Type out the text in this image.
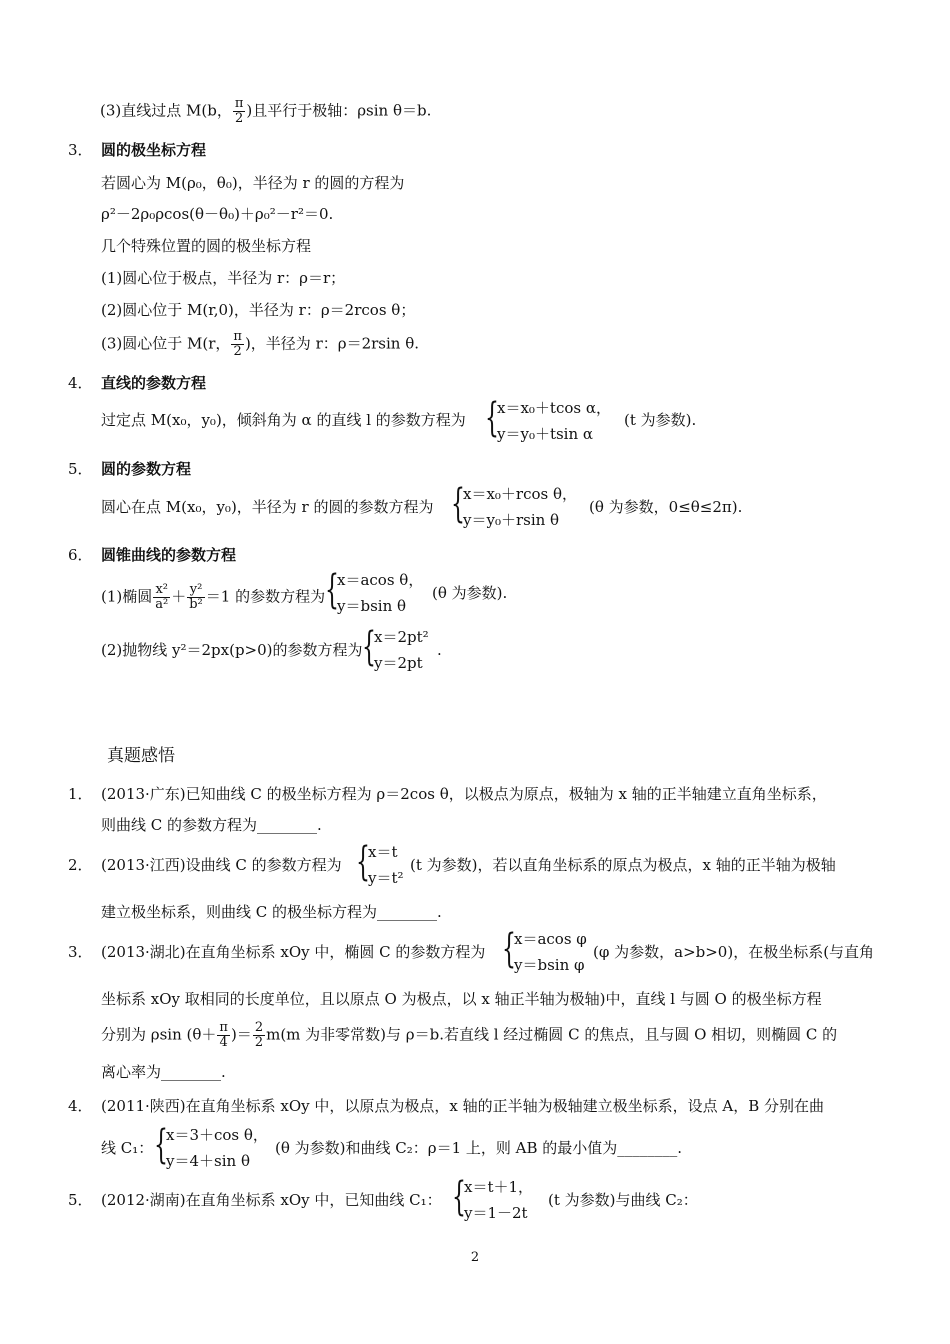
(3)直线过点 M(b， $\frac{\pi}{2}$ )且平行于极轴：ρsin θ＝b.
3． 圆的极坐标方程
若圆心为 M(ρ₀，θ₀)，半径为 r 的圆的方程为
ρ²－2ρ₀ρcos(θ－θ₀)＋ρ₀²－r²＝0.
几个特殊位置的圆的极坐标方程
(1)圆心位于极点，半径为 r：ρ＝r；
(2)圆心位于 M(r,0)，半径为 r：ρ＝2rcos θ；
(3)圆心位于 M(r， $\frac{\pi}{2}$ )，半径为 r：ρ＝2rsin θ.
4． 直线的参数方程
过定点 M(x₀，y₀)，倾斜角为 α 的直线 l 的参数方程为 {
x＝x₀＋tcos α，
y＝y₀＋tsin α
(t 为参数).
5． 圆的参数方程
圆心在点 M(x₀，y₀)，半径为 r 的圆的参数方程为 {
x＝x₀＋rcos θ，
y＝y₀＋rsin θ
(θ 为参数，0≤θ≤2π).
6． 圆锥曲线的参数方程
(1)椭圆 $\frac{\text{x²}}{\text{a²}} + \frac{\text{y²}}{\text{b²}} =1$ 的参数方程为 {
x＝acos θ，
y＝bsin θ
(θ 为参数).
(2)抛物线 y²＝2px(p>0)的参数方程为 {
x＝2pt²
y＝2pt
.
真题感悟
1． (2013·广东)已知曲线 C 的极坐标方程为 ρ＝2cos θ，以极点为原点，极轴为 x 轴的正半轴建立直角坐标系，
则曲线 C 的参数方程为________.
2． (2013·江西)设曲线 C 的参数方程为 {
x＝t
y＝t²
(t 为参数)，若以直角坐标系的原点为极点，x 轴的正半轴为极轴
建立极坐标系，则曲线 C 的极坐标方程为________.
3． (2013·湖北)在直角坐标系 xOy 中，椭圆 C 的参数方程为 {
x＝acos φ
y＝bsin φ
(φ 为参数，a>b>0)，在极坐标系(与直角
坐标系 xOy 取相同的长度单位，且以原点 O 为极点，以 x 轴正半轴为极轴)中，直线 l 与圆 O 的极坐标方程
分别为 ρsin ($\theta+ \frac{\pi}{4}$ )＝ $\frac{2}{2} m(m$ 为非零常数)与 ρ＝b.若直线 l 经过椭圆 C 的焦点，且与圆 O 相切，则椭圆 C 的
离心率为________.
4． (2011·陕西)在直角坐标系 xOy 中，以原点为极点，x 轴的正半轴为极轴建立极坐标系，设点 A，B 分别在曲
线 C₁： {
x＝3＋cos θ，
y＝4＋sin θ
(θ 为参数)和曲线 C₂：ρ＝1 上，则 AB 的最小值为________.
5． (2012·湖南)在直角坐标系 xOy 中，已知曲线 C₁： {
x＝t＋1，
y＝1－2t
(t 为参数)与曲线 C₂：
2
